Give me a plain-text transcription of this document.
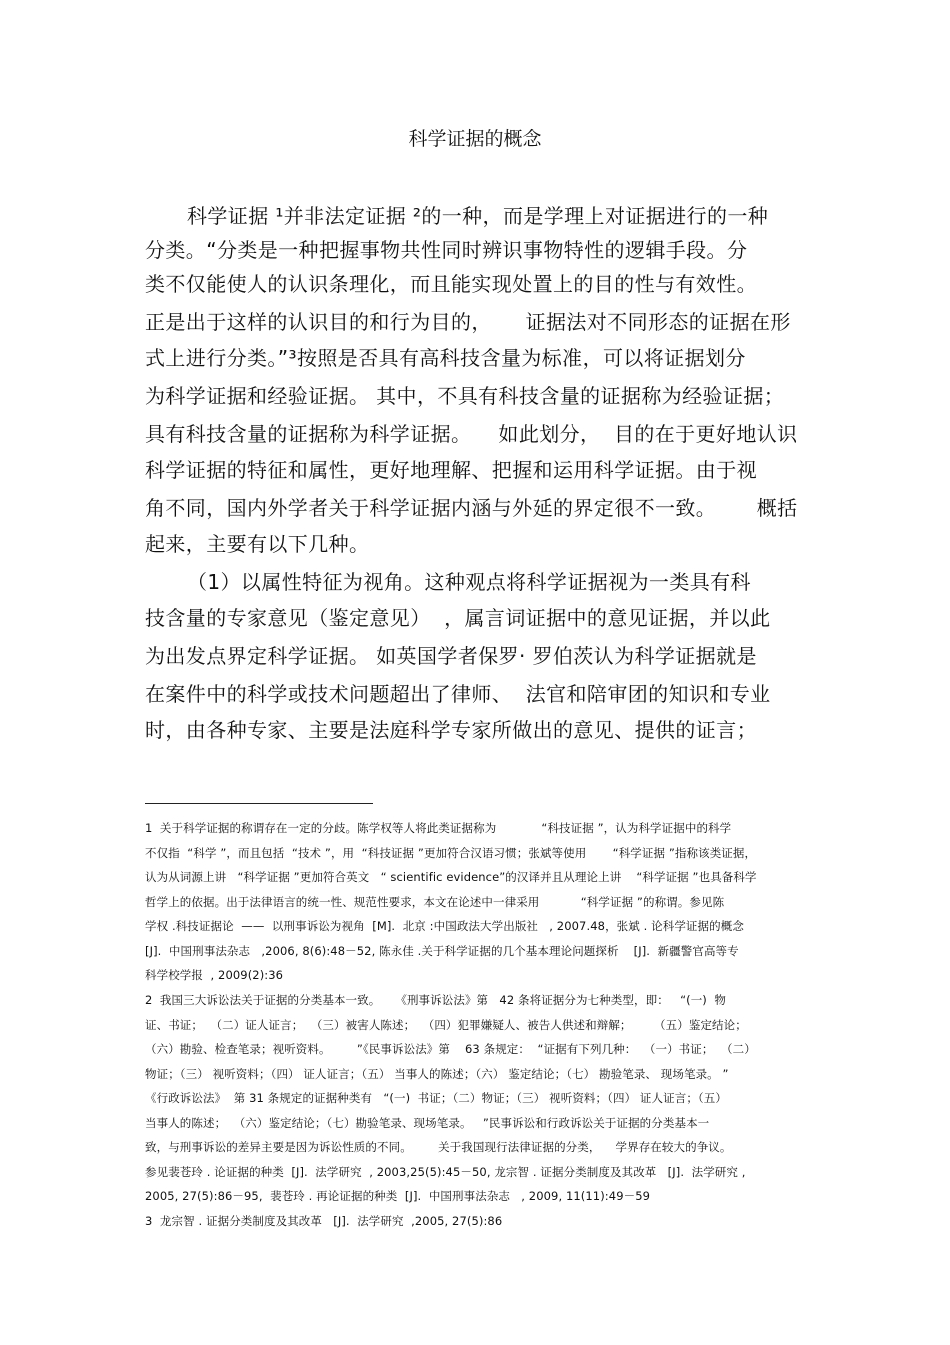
科学证据的概念
科学证据 ¹并非法定证据 ²的一种，而是学理上对证据进行的一种
分类。“分类是一种把握事物共性同时辨识事物特性的逻辑手段。分
类不仅能使人的认识条理化，而且能实现处置上的目的性与有效性。
正是出于这样的认识目的和行为目的，     证据法对不同形态的证据在形
式上进行分类。”³按照是否具有高科技含量为标准，可以将证据划分
为科学证据和经验证据。 其中，不具有科技含量的证据称为经验证据；
具有科技含量的证据称为科学证据。    如此划分，  目的在于更好地认识
科学证据的特征和属性，更好地理解、把握和运用科学证据。由于视
角不同，国内外学者关于科学证据内涵与外延的界定很不一致。      概括
起来，主要有以下几种。
（1）以属性特征为视角。这种观点将科学证据视为一类具有科
技含量的专家意见（鉴定意见）  ，属言词证据中的意见证据，并以此
为出发点界定科学证据。 如英国学者保罗· 罗伯茨认为科学证据就是
在案件中的科学或技术问题超出了律师、  法官和陪审团的知识和专业
时，由各种专家、主要是法庭科学专家所做出的意见、提供的证言；
1  关于科学证据的称谓存在一定的分歧。陈学权等人将此类证据称为            “科技证据 ”，认为科学证据中的科学
不仅指  “科学 ”，而且包括  “技术 ”，用  “科技证据 ”更加符合汉语习惯；张斌等使用       “科学证据 ”指称该类证据，
认为从词源上讲   “科学证据 ”更加符合英文   “ scientific evidence”的汉译并且从理论上讲    “科学证据 ”也具备科学
哲学上的依据。出于法律语言的统一性、规范性要求，本文在论述中一律采用           “科学证据 ”的称谓。参见陈
学权 .科技证据论  ——  以刑事诉讼为视角  [M].  北京 :中国政法大学出版社   , 2007.48，张斌 . 论科学证据的概念
[J].  中国刑事法杂志   ,2006, 8(6):48－52, 陈永佳 .关于科学证据的几个基本理论问题探析    [J].  新疆警官高等专
科学校学报  , 2009(2):36
2  我国三大诉讼法关于证据的分类基本一致。    《刑事诉讼法》第   42 条将证据分为七种类型，即：   “(一)  物
证、书证；  （二）证人证言；  （三）被害人陈述；  （四）犯罪嫌疑人、被告人供述和辩解；      （五）鉴定结论；
（六）勘验、检查笔录；视听资料。       ”《民事诉讼法》第    63 条规定：  “证据有下列几种：  （一）书证；  （二）
物证；（三） 视听资料；（四） 证人证言；（五） 当事人的陈述；（六） 鉴定结论；（七） 勘验笔录、 现场笔录。 ”
《行政诉讼法》  第 31 条规定的证据种类有   “(一)  书证；（二）物证；（三） 视听资料；（四） 证人证言；（五）
当事人的陈述；  （六）鉴定结论；（七）勘验笔录、现场笔录。   ”民事诉讼和行政诉讼关于证据的分类基本一
致，与刑事诉讼的差异主要是因为诉讼性质的不同。       关于我国现行法律证据的分类，    学界存在较大的争议。
参见裴苍玲 . 论证据的种类  [J].  法学研究  , 2003,25(5):45－50, 龙宗智 . 证据分类制度及其改革   [J].  法学研究 ,
2005, 27(5):86－95,  裴苍玲 . 再论证据的种类  [J].  中国刑事法杂志   , 2009, 11(11):49－59
3  龙宗智 . 证据分类制度及其改革   [J].  法学研究  ,2005, 27(5):86
